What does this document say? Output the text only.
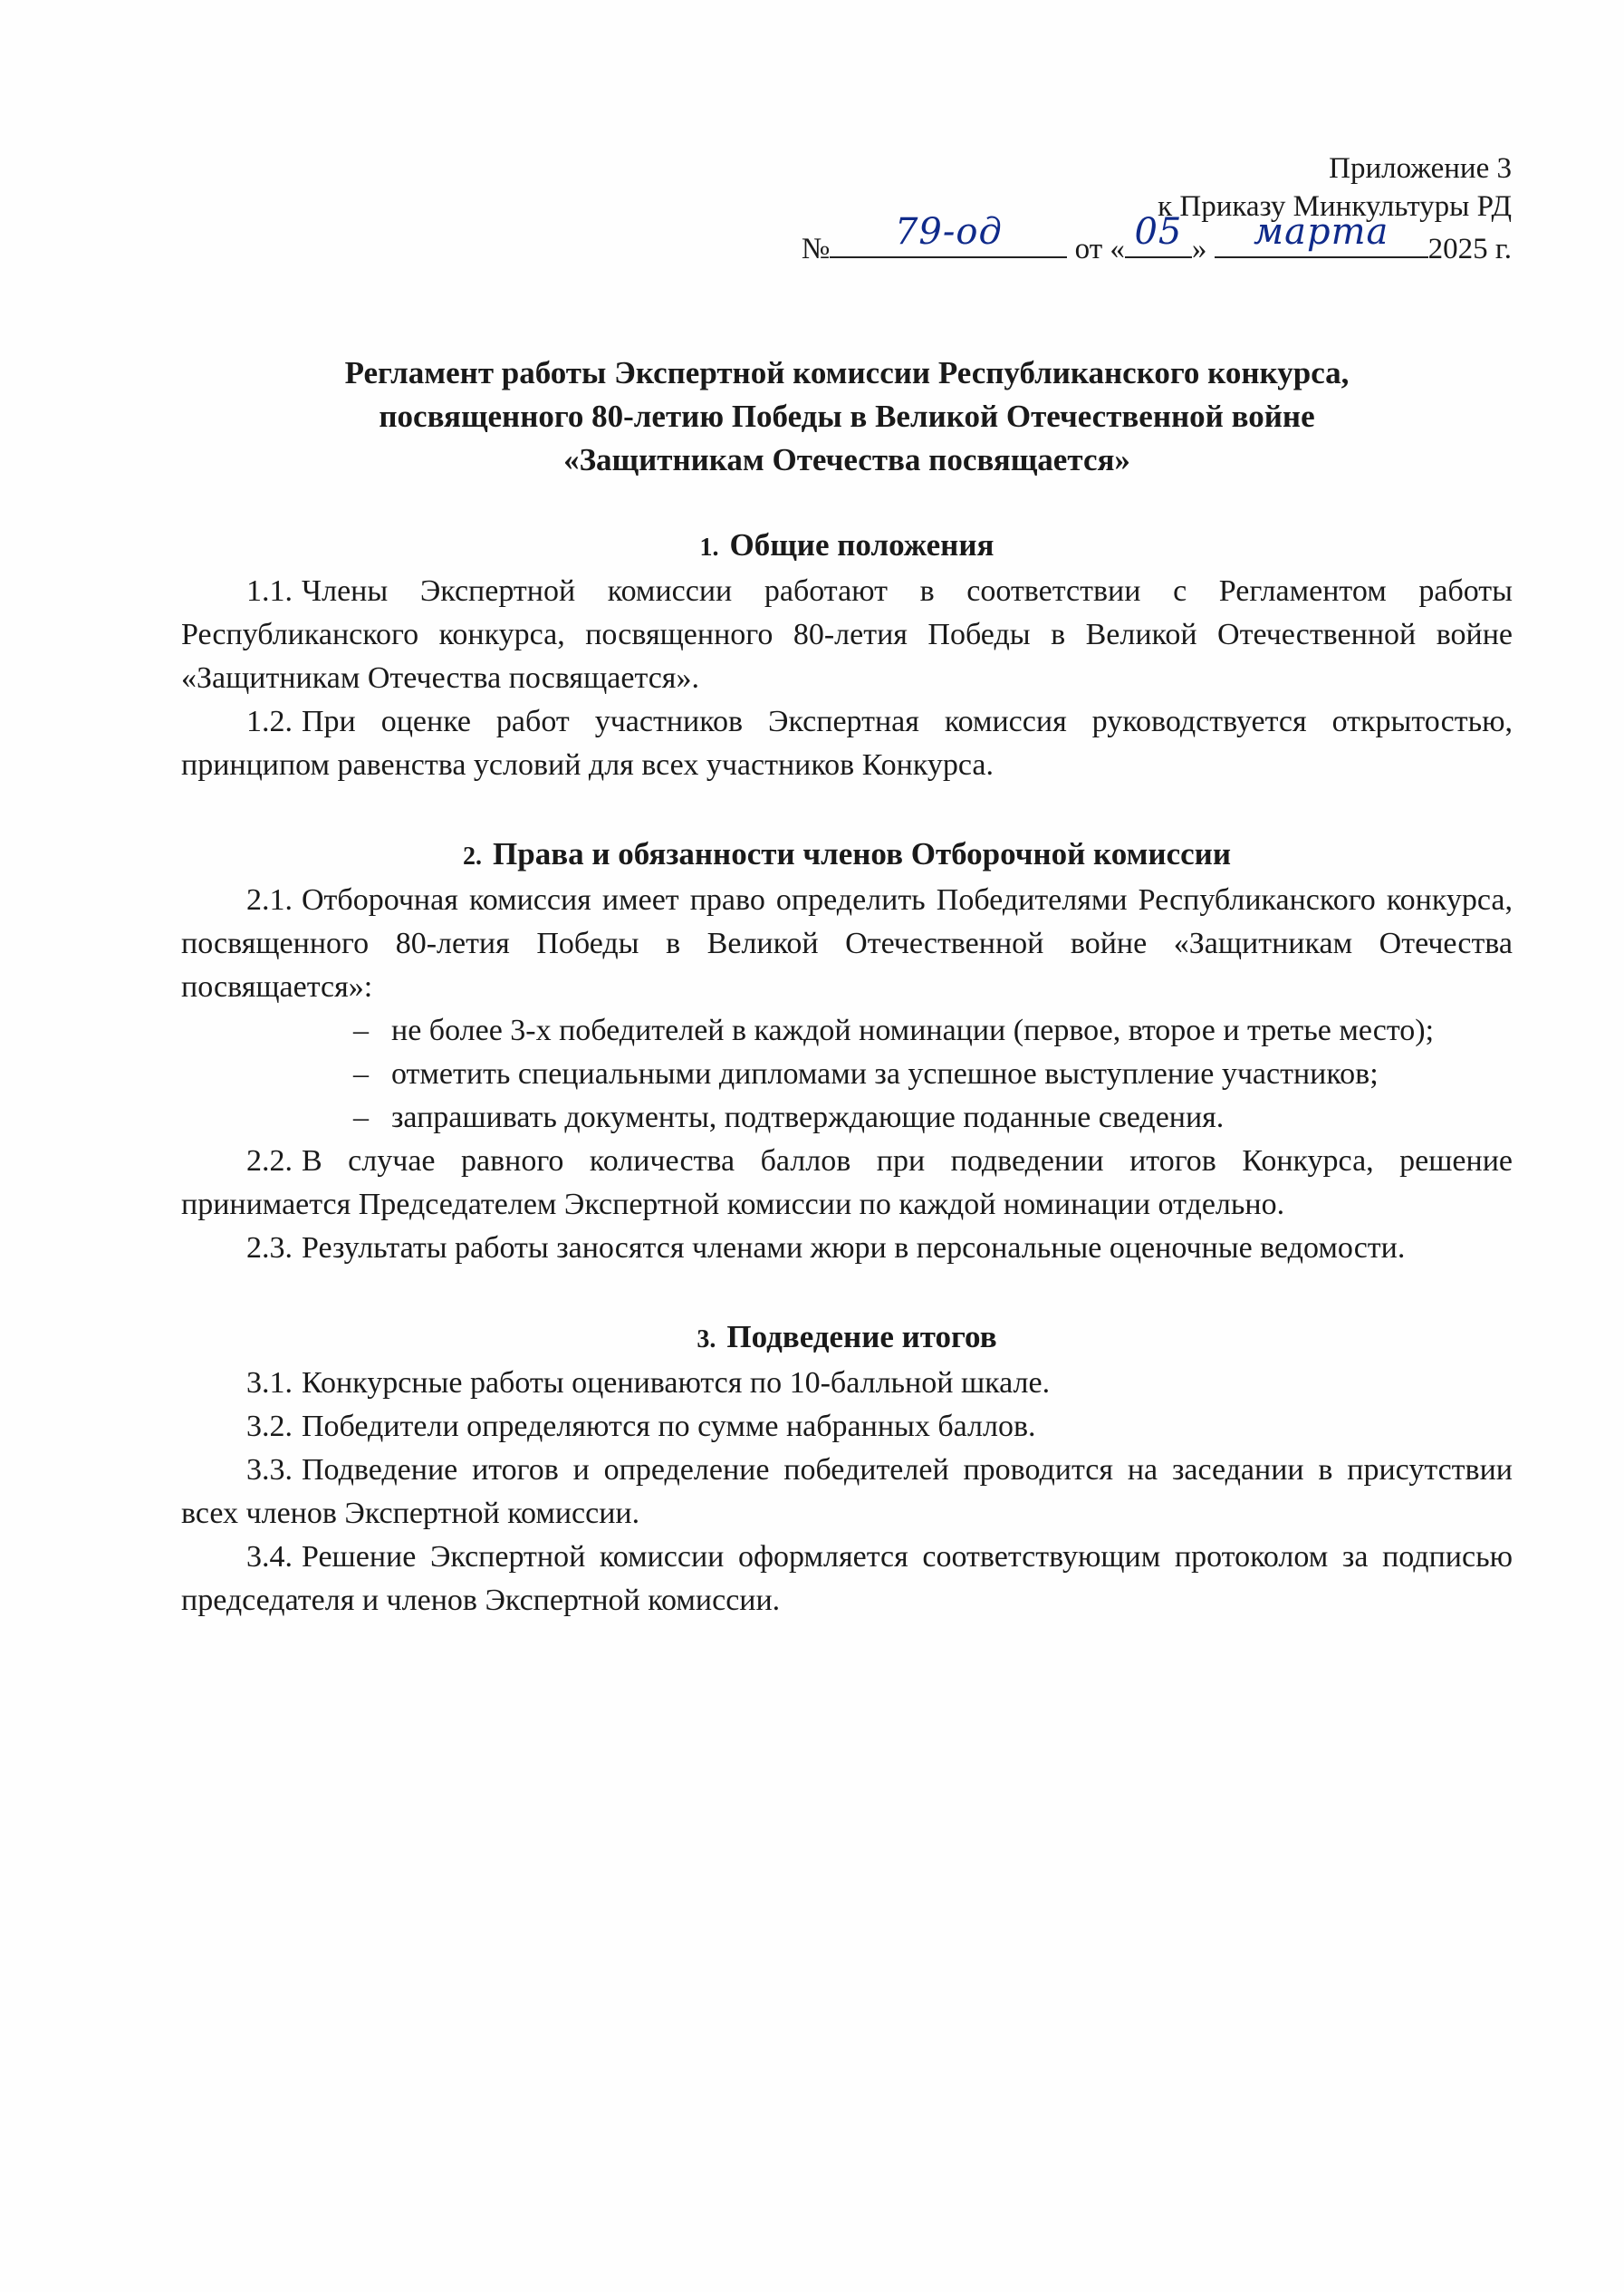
Приложение 3
к Приказу Минкультуры РД
№	79-од	от « 05 »	марта	2025 г.
Регламент работы Экспертной комиссии Республиканского конкурса,
посвященного 80-летию Победы в Великой Отечественной войне
«Защитникам Отечества посвящается»
1. Общие положения

1.1. Члены Экспертной комиссии работают в соответствии с Регламентом работы Республиканского конкурса, посвященного 80-летия Победы в Великой Отечественной войне «Защитникам Отечества посвящается».

1.2. При оценке работ участников Экспертная комиссия руководствуется открытостью, принципом равенства условий для всех участников Конкурса.

2. Права и обязанности членов Отборочной комиссии

2.1. Отборочная комиссия имеет право определить Победителями Республиканского конкурса, посвященного 80-летия Победы в Великой Отечественной войне «Защитникам Отечества посвящается»:

– не более 3-х победителей в каждой номинации (первое, второе и третье место);
– отметить специальными дипломами за успешное выступление участников;
– запрашивать документы, подтверждающие поданные сведения.

2.2. В случае равного количества баллов при подведении итогов Конкурса, решение принимается Председателем Экспертной комиссии по каждой номинации отдельно.

2.3. Результаты работы заносятся членами жюри в персональные оценочные ведомости.

3. Подведение итогов

3.1. Конкурсные работы оцениваются по 10-балльной шкале.

3.2. Победители определяются по сумме набранных баллов.

3.3. Подведение итогов и определение победителей проводится на заседании в присутствии всех членов Экспертной комиссии.

3.4. Решение Экспертной комиссии оформляется соответствующим протоколом за подписью председателя и членов Экспертной комиссии.
